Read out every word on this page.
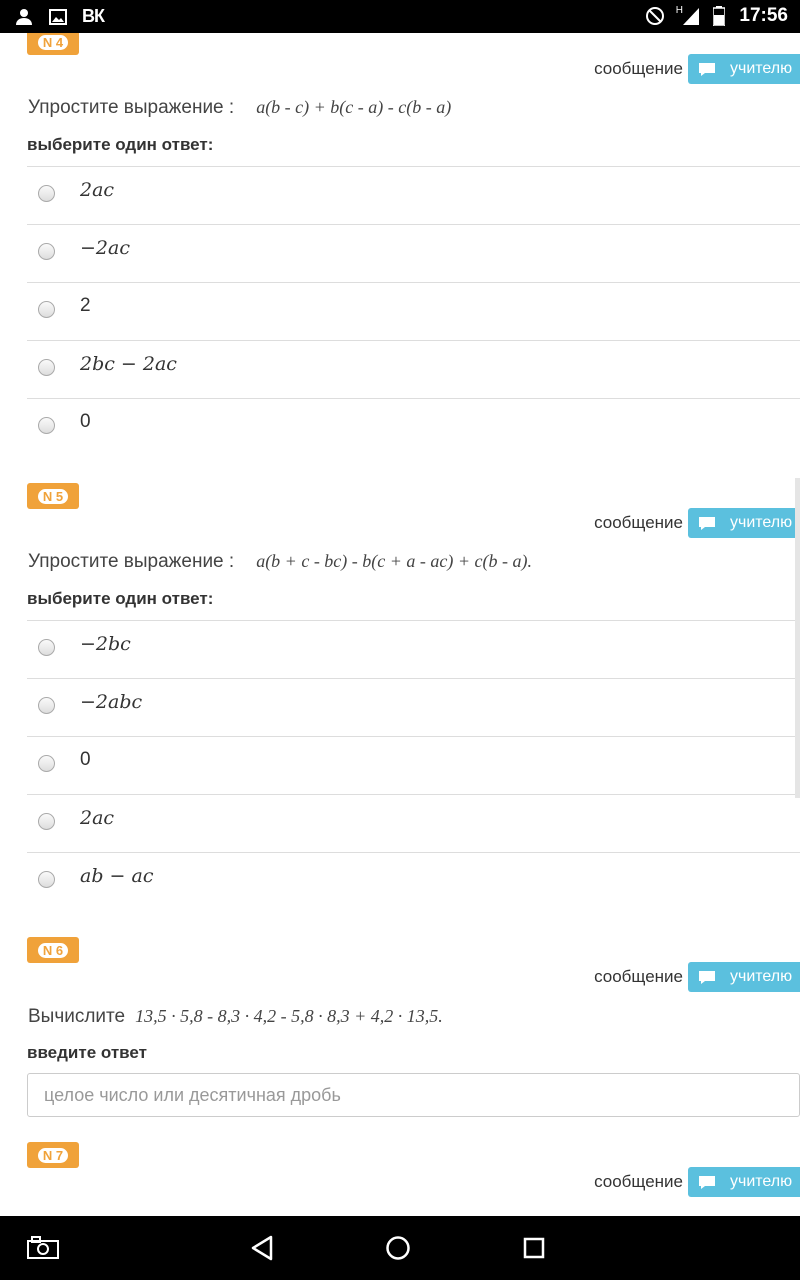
ВК	H	17:56
N 4
сообщение	учителю
Упростите выражение : a(b - c) + b(c - a) - c(b - a)
выберите один ответ:
2ac
−2ac
2
2bc − 2ac
0
N 5
сообщение	учителю
Упростите выражение : a(b + c - bc) - b(c + a - ac) + c(b - a).
выберите один ответ:
−2bc
−2abc
0
2ac
ab − ac
N 6
сообщение	учителю
Вычислите 13,5 · 5,8 - 8,3 · 4,2 - 5,8 · 8,3 + 4,2 · 13,5.
введите ответ
целое число или десятичная дробь
N 7
сообщение	учителю
